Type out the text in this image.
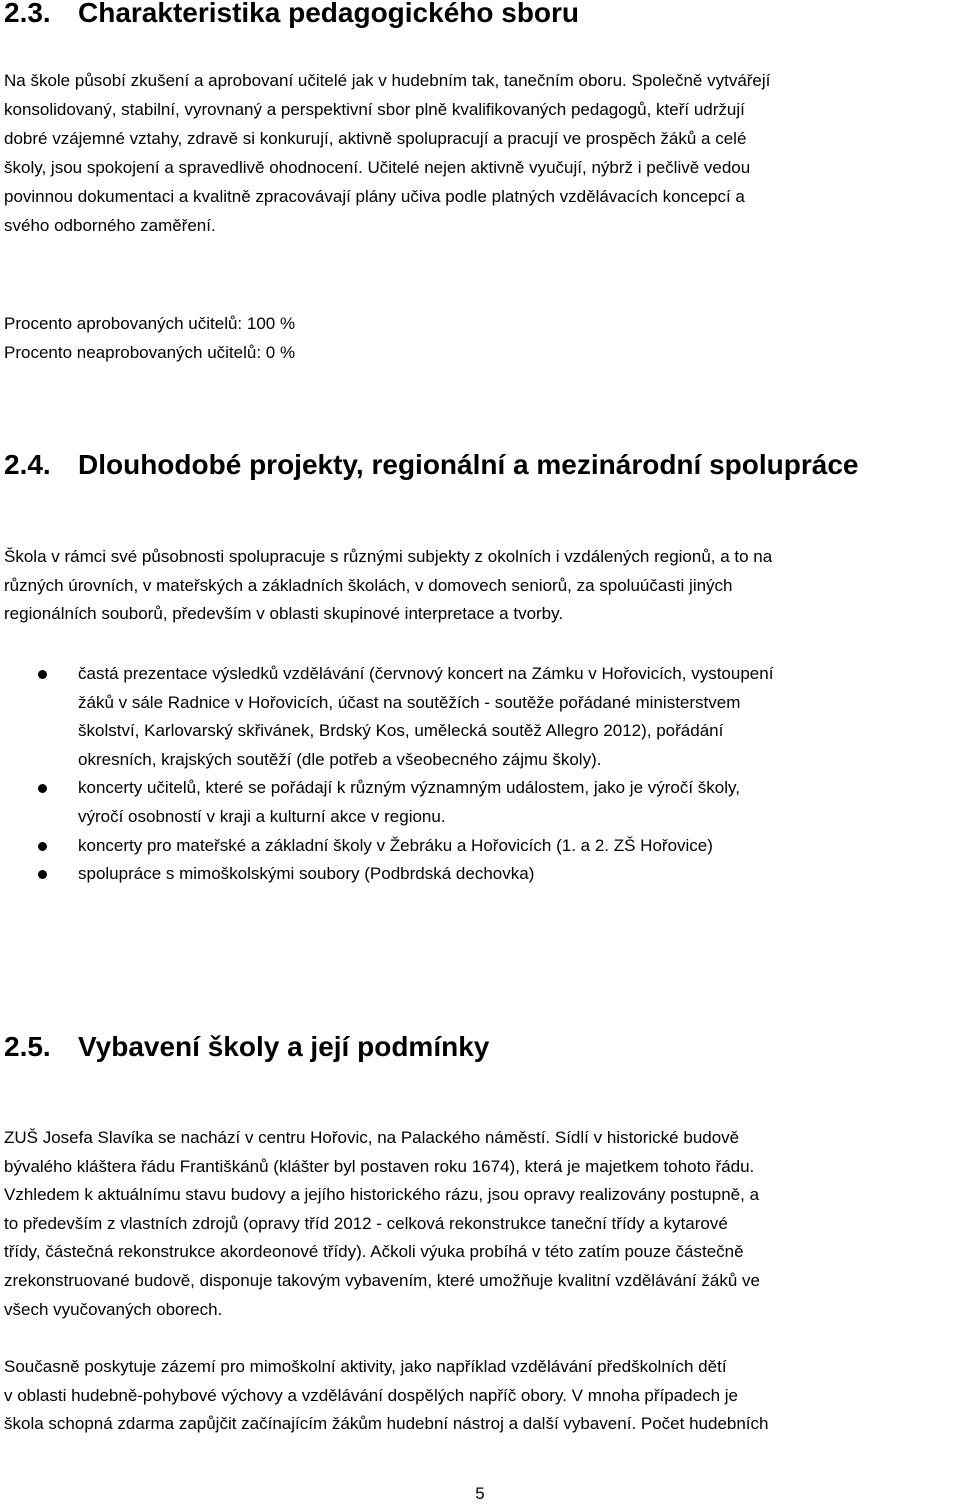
2.3. Charakteristika pedagogického sboru

Na škole působí zkušení a aprobovaní učitelé jak v hudebním tak, tanečním oboru. Společně vytvářejí
konsolidovaný, stabilní, vyrovnaný a perspektivní sbor plně kvalifikovaných pedagogů, kteří udržují
dobré vzájemné vztahy, zdravě si konkurují, aktivně spolupracují a pracují ve prospěch žáků a celé
školy, jsou spokojení a spravedlivě ohodnocení. Učitelé nejen aktivně vyučují, nýbrž i pečlivě vedou
povinnou dokumentaci a kvalitně zpracovávají plány učiva podle platných vzdělávacích koncepcí a
svého odborného zaměření.

Procento aprobovaných učitelů: 100 %
Procento neaprobovaných učitelů: 0 %

2.4. Dlouhodobé projekty, regionální a mezinárodní spolupráce

Škola v rámci své působnosti spolupracuje s různými subjekty z okolních i vzdálených regionů, a to na
různých úrovních, v mateřských a základních školách, v domovech seniorů, za spoluúčasti jiných
regionálních souborů, především v oblasti skupinové interpretace a tvorby.

častá prezentace výsledků vzdělávání (červnový koncert na Zámku v Hořovicích, vystoupení
žáků v sále Radnice v Hořovicích, účast na soutěžích - soutěže pořádané ministerstvem
školství, Karlovarský skřivánek, Brdský Kos, umělecká soutěž Allegro 2012), pořádání
okresních, krajských soutěží (dle potřeb a všeobecného zájmu školy).
koncerty učitelů, které se pořádají k různým významným událostem, jako je výročí školy,
výročí osobností v kraji a kulturní akce v regionu.
koncerty pro mateřské a základní školy v Žebráku a Hořovicích (1. a 2. ZŠ Hořovice)
spolupráce s mimoškolskými soubory (Podbrdská dechovka)
2.5. Vybavení školy a její podmínky

ZUŠ Josefa Slavíka se nachází v centru Hořovic, na Palackého náměstí. Sídlí v historické budově
bývalého kláštera řádu Františkánů (klášter byl postaven roku 1674), která je majetkem tohoto řádu.
Vzhledem k aktuálnímu stavu budovy a jejího historického rázu, jsou opravy realizovány postupně, a
to především z vlastních zdrojů (opravy tříd 2012 - celková rekonstrukce taneční třídy a kytarové
třídy, částečná rekonstrukce akordeonové třídy). Ačkoli výuka probíhá v této zatím pouze částečně
zrekonstruované budově, disponuje takovým vybavením, které umožňuje kvalitní vzdělávání žáků ve
všech vyučovaných oborech.

Současně poskytuje zázemí pro mimoškolní aktivity, jako například vzdělávání předškolních dětí
v oblasti hudebně-pohybové výchovy a vzdělávání dospělých napříč obory. V mnoha případech je
škola schopná zdarma zapůjčit začínajícím žákům hudební nástroj a další vybavení. Počet hudebních

5
